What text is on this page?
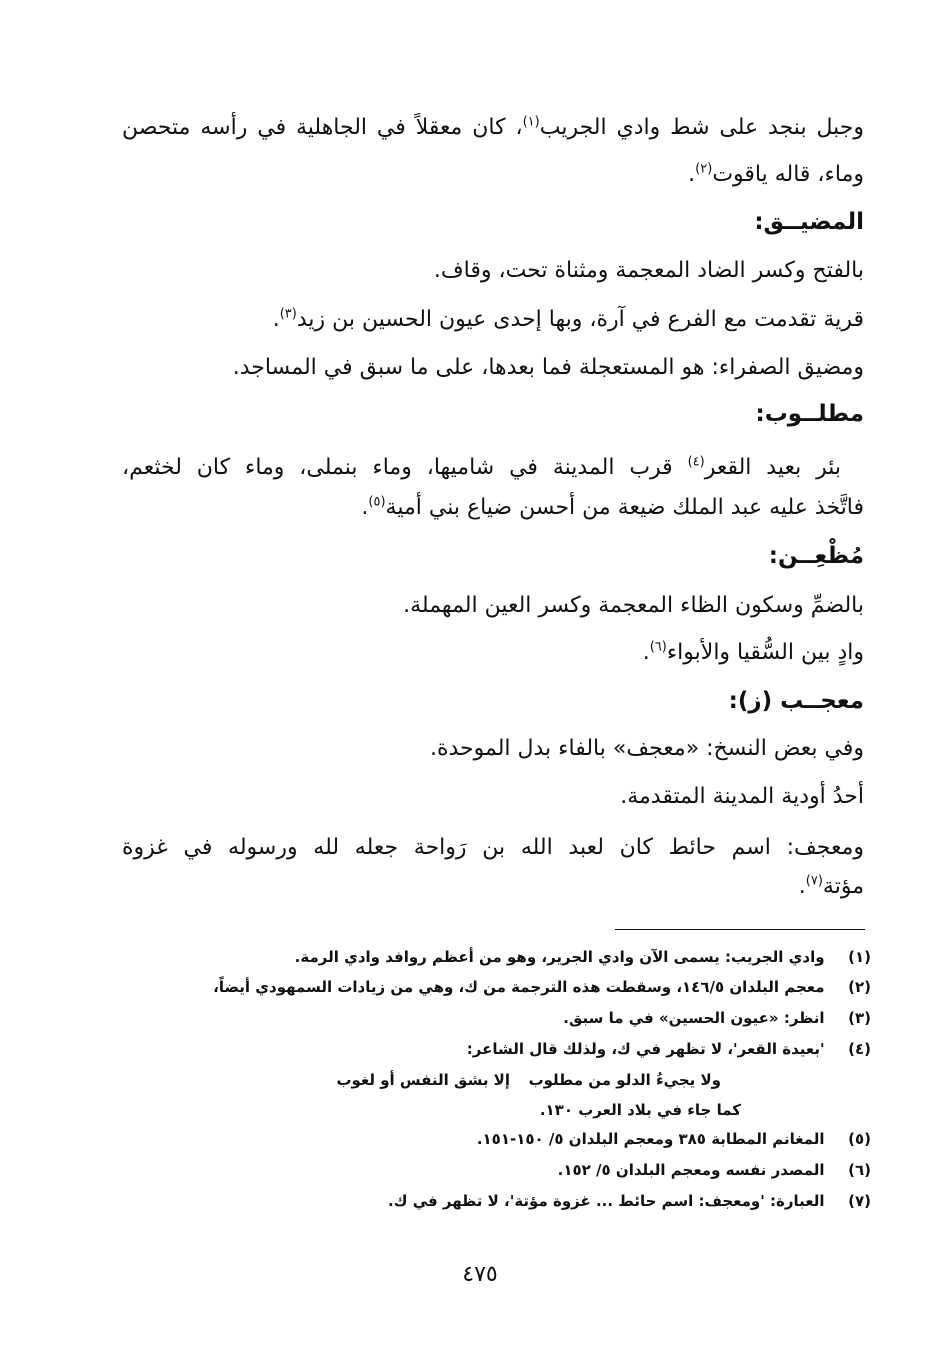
وجبل بنجد على شط وادي الجريب$^{(١)}$، كان معقلاً في الجاهلية في رأسه متحصن
وماء، قاله ياقوت$^{(٢)}$.
المضيــق:
بالفتح وكسر الضاد المعجمة ومثناة تحت، وقاف.
قرية تقدمت مع الفرع في آرة، وبها إحدى عيون الحسين بن زيد$^{(٣)}$.
ومضيق الصفراء: هو المستعجلة فما بعدها، على ما سبق في المساجد.
مطلــوب:
بئر بعيد القعر$^{(٤)}$ قرب المدينة في شاميها، وماء بنملى، وماء كان لخثعم،
فاتَّخذ عليه عبد الملك ضيعة من أحسن ضياع بني أمية$^{(٥)}$.
مُظْعِــن:
بالضمِّ وسكون الظاء المعجمة وكسر العين المهملة.
وادٍ بين السُّقيا والأبواء$^{(٦)}$.
معجــب (ز):
وفي بعض النسخ: «معجف» بالفاء بدل الموحدة.
أحدُ أودية المدينة المتقدمة.
ومعجف: اسم حائط كان لعبد الله بن رَواحة جعله لله ورسوله في غزوة
مؤتة$^{(٧)}$.
(١)  وادي الجريب: يسمى الآن وادي الجرير، وهو من أعظم روافد وادي الرمة.
(٢)  معجم البلدان ١٤٦/٥، وسقطت هذه الترجمة من ك، وهي من زيادات السمهودي أيضاً،
(٣)  انظر: «عيون الحسين» في ما سبق.
(٤)  'بعيدة القعر'، لا تظهر في ك، ولذلك قال الشاعر:
ولا يجيءُ الدلو من مطلوب
إلا بشق النفس أو لغوب
كما جاء في بلاد العرب ١٣٠.
(٥)  المغانم المطابة ٣٨٥ ومعجم البلدان ٥/ ١٥٠-١٥١.
(٦)  المصدر نفسه ومعجم البلدان ٥/ ١٥٢.
(٧)  العبارة: 'ومعجف: اسم حائط ... غزوة مؤتة'، لا تظهر في ك.
٤٧٥
